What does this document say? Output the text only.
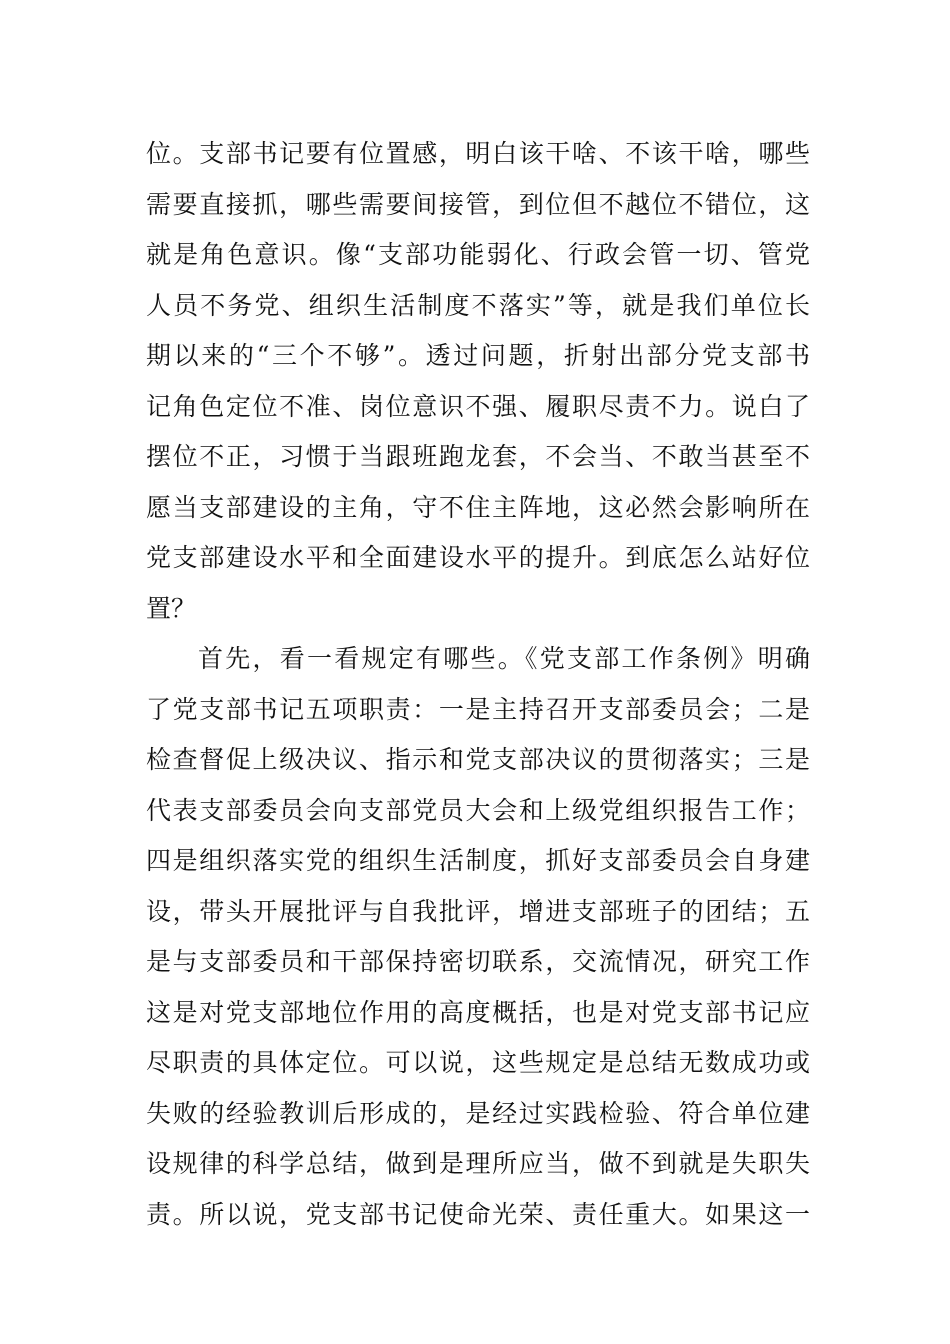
位。支部书记要有位置感，明白该干啥、不该干啥，哪些
需要直接抓，哪些需要间接管，到位但不越位不错位，这
就是角色意识。像“支部功能弱化、行政会管一切、管党
人员不务党、组织生活制度不落实”等，就是我们单位长
期以来的“三个不够”。透过问题，折射出部分党支部书
记角色定位不准、岗位意识不强、履职尽责不力。说白了
摆位不正，习惯于当跟班跑龙套，不会当、不敢当甚至不
愿当支部建设的主角，守不住主阵地，这必然会影响所在
党支部建设水平和全面建设水平的提升。到底怎么站好位
置？
首先，看一看规定有哪些。《党支部工作条例》明确
了党支部书记五项职责：一是主持召开支部委员会；二是
检查督促上级决议、指示和党支部决议的贯彻落实；三是
代表支部委员会向支部党员大会和上级党组织报告工作；
四是组织落实党的组织生活制度，抓好支部委员会自身建
设，带头开展批评与自我批评，增进支部班子的团结；五
是与支部委员和干部保持密切联系，交流情况，研究工作
这是对党支部地位作用的高度概括，也是对党支部书记应
尽职责的具体定位。可以说，这些规定是总结无数成功或
失败的经验教训后形成的，是经过实践检验、符合单位建
设规律的科学总结，做到是理所应当，做不到就是失职失
责。所以说，党支部书记使命光荣、责任重大。如果这一
